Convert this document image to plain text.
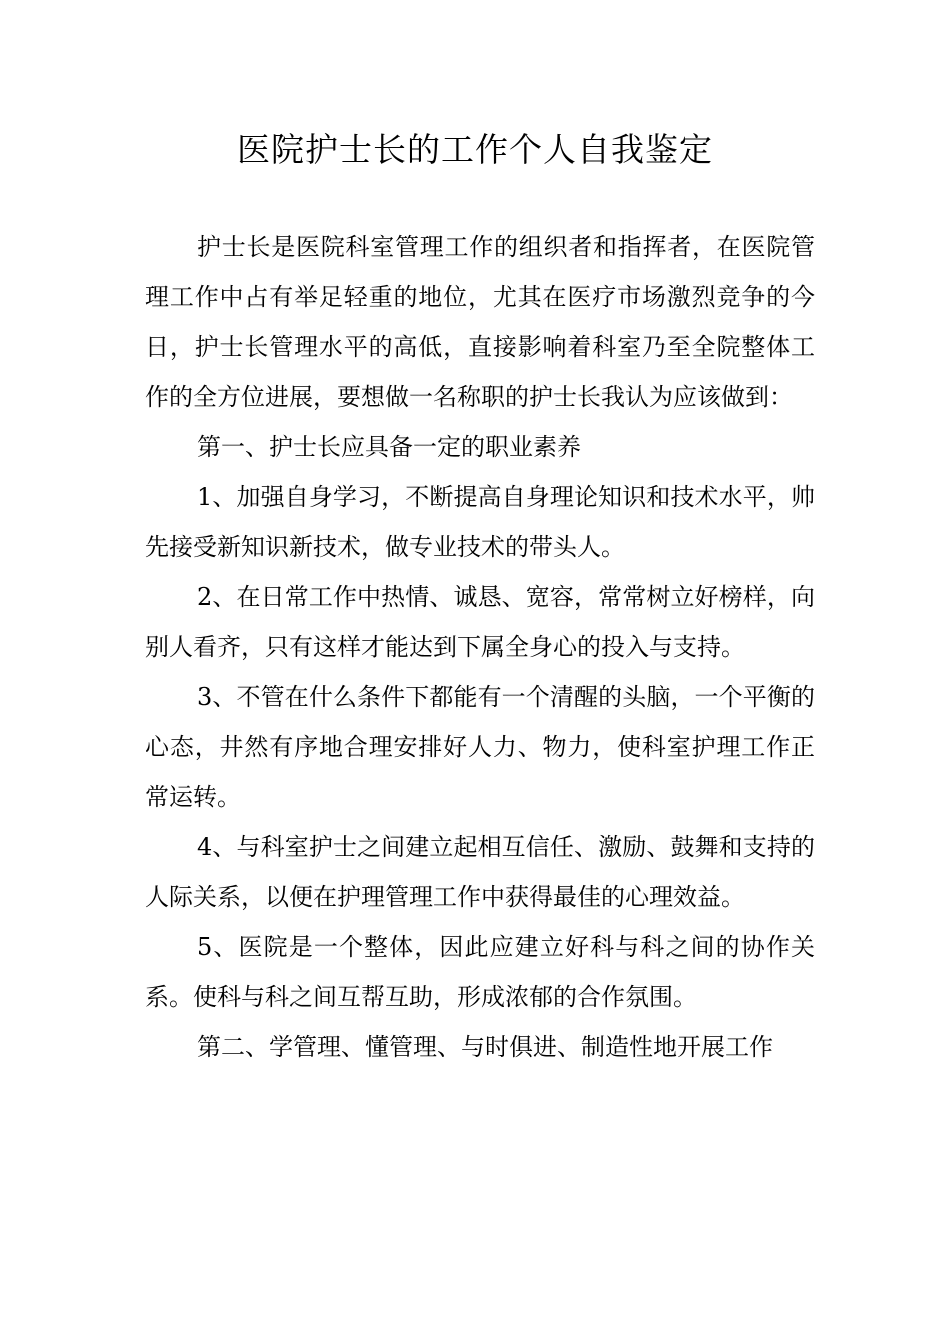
医院护士长的工作个人自我鉴定

护士长是医院科室管理工作的组织者和指挥者，在医院管理工作中占有举足轻重的地位，尤其在医疗市场激烈竞争的今日，护士长管理水平的高低，直接影响着科室乃至全院整体工作的全方位进展，要想做一名称职的护士长我认为应该做到：

第一、护士长应具备一定的职业素养

1、加强自身学习，不断提高自身理论知识和技术水平，帅先接受新知识新技术，做专业技术的带头人。

2、在日常工作中热情、诚恳、宽容，常常树立好榜样，向别人看齐，只有这样才能达到下属全身心的投入与支持。

3、不管在什么条件下都能有一个清醒的头脑，一个平衡的心态，井然有序地合理安排好人力、物力，使科室护理工作正常运转。

4、与科室护士之间建立起相互信任、激励、鼓舞和支持的人际关系，以便在护理管理工作中获得最佳的心理效益。

5、医院是一个整体，因此应建立好科与科之间的协作关系。使科与科之间互帮互助，形成浓郁的合作氛围。

第二、学管理、懂管理、与时俱进、制造性地开展工作
